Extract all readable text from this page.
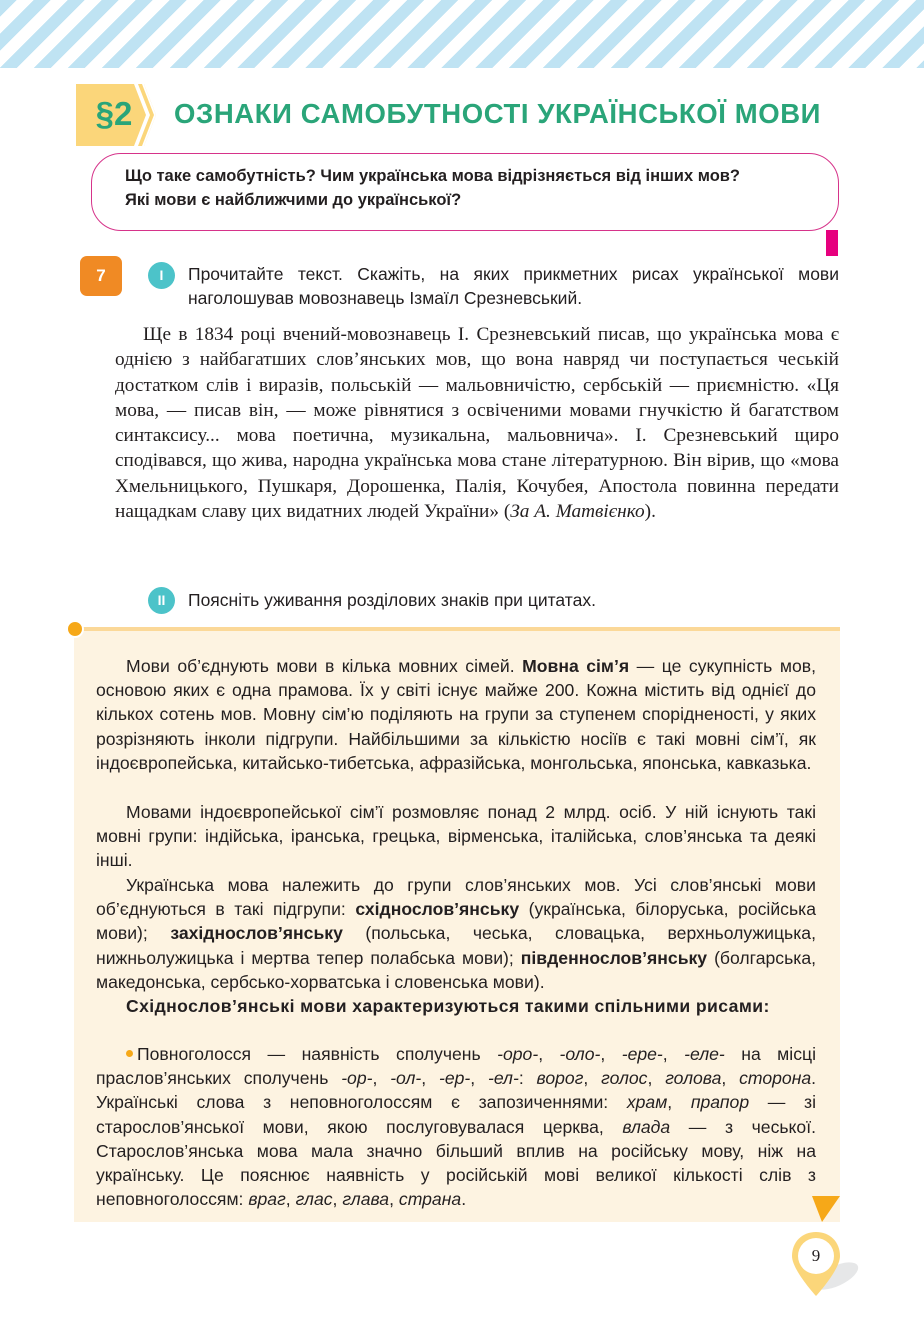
§2	ОЗНАКИ САМОБУТНОСТІ УКРАЇНСЬКОЇ МОВИ
Що таке самобутність? Чим українська мова відрізняється від інших мов?
Які мови є найближчими до української?
7	I	Прочитайте текст. Скажіть, на яких прикметних рисах української мови наголошував мовознавець Ізмаїл Срезневський.

Ще в 1834 році вчений-мовознавець І. Срезневський писав, що українська мова є однією з найбагатших слов’янських мов, що вона навряд чи поступається чеській достатком слів і виразів, польській — мальовничістю, сербській — приємністю. «Ця мова, — писав він, — може рівнятися з освіченими мовами гнучкістю й багатством синтаксису... мова поетична, музикальна, мальовнича». І. Срезневський щиро сподівався, що жива, народна українська мова стане літературною. Він вірив, що «мова Хмельницького, Пушкаря, Дорошенка, Палія, Кочубея, Апостола повинна передати нащадкам славу цих видатних людей України» (За А. Матвієнко).

II	Поясніть уживання розділових знаків при цитатах.

Мови об’єднують мови в кілька мовних сімей. Мовна сім’я — це сукупність мов, основою яких є одна прамова. Їх у світі існує майже 200. Кожна містить від однієї до кількох сотень мов. Мовну сім’ю поділяють на групи за ступенем спорідненості, у яких розрізняють інколи підгрупи. Найбільшими за кількістю носіїв є такі мовні сім’ї, як індоєвропейська, китайсько-тибетська, афразійська, монгольська, японська, кавказька.

Мовами індоєвропейської сім’ї розмовляє понад 2 млрд. осіб. У ній існують такі мовні групи: індійська, іранська, грецька, вірменська, італійська, слов’янська та деякі інші.

Українська мова належить до групи слов’янських мов. Усі слов’янські мови об’єднуються в такі підгрупи: східнослов’янську (українська, білоруська, російська мови); західнослов’янську (польська, чеська, словацька, верхньолужицька, нижньолужицька і мертва тепер полабська мови); південнослов’янську (болгарська, македонська, сербсько-хорватська і словенська мови).

Східнослов’янські мови характеризуються такими спільними рисами:

Повноголосся — наявність сполучень -оро-, -оло-, -ере-, -еле- на місці праслов’янських сполучень -ор-, -ол-, -ер-, -ел-: ворог, голос, голова, сторона. Українські слова з неповноголоссям є запозиченнями: храм, прапор — зі старослов’янської мови, якою послуговувалася церква, влада — з чеської. Старослов’янська мова мала значно більший вплив на російську мову, ніж на українську. Це пояснює наявність у російській мові великої кількості слів з неповноголоссям: враг, глас, глава, страна.

9
